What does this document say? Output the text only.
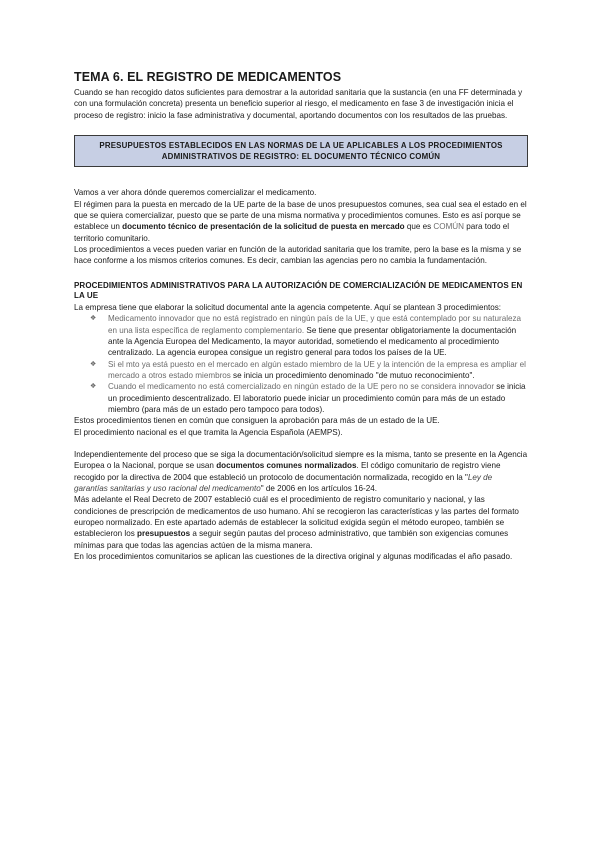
TEMA 6. EL REGISTRO DE MEDICAMENTOS

Cuando se han recogido datos suficientes para demostrar a la autoridad sanitaria que la sustancia (en una FF determinada y con una formulación concreta) presenta un beneficio superior al riesgo, el medicamento en fase 3 de investigación inicia el proceso de registro: inicio la fase administrativa y documental, aportando documentos con los resultados de las pruebas.

PRESUPUESTOS ESTABLECIDOS EN LAS NORMAS DE LA UE APLICABLES A LOS PROCEDIMIENTOS ADMINISTRATIVOS DE REGISTRO: EL DOCUMENTO TÉCNICO COMÚN

Vamos a ver ahora dónde queremos comercializar el medicamento.

El régimen para la puesta en mercado de la UE parte de la base de unos presupuestos comunes, sea cual sea el estado en el que se quiera comercializar, puesto que se parte de una misma normativa y procedimientos comunes. Esto es así porque se establece un documento técnico de presentación de la solicitud de puesta en mercado que es COMÚN para todo el territorio comunitario.

Los procedimientos a veces pueden variar en función de la autoridad sanitaria que los tramite, pero la base es la misma y se hace conforme a los mismos criterios comunes. Es decir, cambian las agencias pero no cambia la fundamentación.

PROCEDIMIENTOS ADMINISTRATIVOS PARA LA AUTORIZACIÓN DE COMERCIALIZACIÓN DE MEDICAMENTOS EN LA UE

La empresa tiene que elaborar la solicitud documental ante la agencia competente. Aquí se plantean 3 procedimientos:

❖ Medicamento innovador que no está registrado en ningún país de la UE, y que está contemplado por su naturaleza en una lista específica de reglamento complementario. Se tiene que presentar obligatoriamente la documentación ante la Agencia Europea del Medicamento, la mayor autoridad, sometiendo el medicamento al procedimiento centralizado. La agencia europea consigue un registro general para todos los países de la UE.
❖ Si el mto ya está puesto en el mercado en algún estado miembro de la UE y la intención de la empresa es ampliar el mercado a otros estado miembros se inicia un procedimiento denominado "de mutuo reconocimiento".
❖ Cuando el medicamento no está comercializado en ningún estado de la UE pero no se considera innovador se inicia un procedimiento descentralizado. El laboratorio puede iniciar un procedimiento común para más de un estado miembro (para más de un estado pero tampoco para todos).

Estos procedimientos tienen en común que consiguen la aprobación para más de un estado de la UE.

El procedimiento nacional es el que tramita la Agencia Española (AEMPS).

Independientemente del proceso que se siga la documentación/solicitud siempre es la misma, tanto se presente en la Agencia Europea o la Nacional, porque se usan documentos comunes normalizados. El código comunitario de registro viene recogido por la directiva de 2004 que estableció un protocolo de documentación normalizada, recogido en la "Ley de garantías sanitarias y uso racional del medicamento" de 2006 en los artículos 16-24.

Más adelante el Real Decreto de 2007 estableció cuál es el procedimiento de registro comunitario y nacional, y las condiciones de prescripción de medicamentos de uso humano. Ahí se recogieron las características y las partes del formato europeo normalizado. En este apartado además de establecer la solicitud exigida según el método europeo, también se establecieron los presupuestos a seguir según pautas del proceso administrativo, que también son exigencias comunes mínimas para que todas las agencias actúen de la misma manera.

En los procedimientos comunitarios se aplican las cuestiones de la directiva original y algunas modificadas el año pasado.
